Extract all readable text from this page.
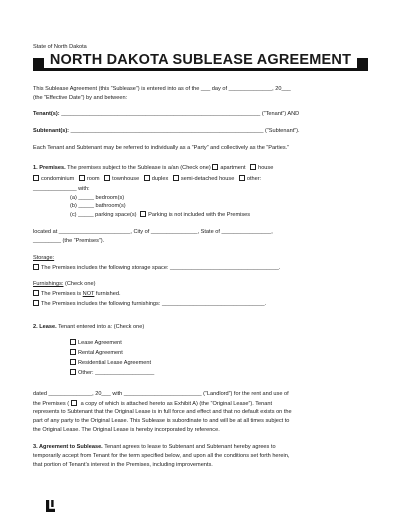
State of North Dakota
NORTH DAKOTA SUBLEASE AGREEMENT
This Sublease Agreement (this “Sublease”) is entered into as of the ___ day of ______________, 20___
(the “Effective Date”) by and between:
Tenant(s): ________________________________________________________________ (“Tenant”) AND
Subtenant(s): ______________________________________________________________ (“Subtenant”).
Each Tenant and Subtenant may be referred to individually as a “Party” and collectively as the “Parties.”
1. Premises. The premises subject to the Sublease is a/an (Check one) apartment house
condominium room townhouse duplex semi-detached house other:
______________ with:
(a) _____ bedroom(s)
(b) _____ bathroom(s)
(c) _____ parking space(s) Parking is not included with the Premises
located at _______________________, City of _______________, State of ________________,
_________ (the “Premises”).
Storage:
The Premises includes the following storage space: ___________________________________.
Furnishings: (Check one)
The Premises is NOT furnished.
The Premises includes the following furnishings: _________________________________.
2. Lease. Tenant entered into a: (Check one)
Lease Agreement
Rental Agreement
Residential Lease Agreement
Other: ___________________
dated ______________, 20___ with _________________________ (“Landlord”) for the rent and use of
the Premises ( a copy of which is attached hereto as Exhibit A) (the “Original Lease”). Tenant
represents to Subtenant that the Original Lease is in full force and effect and that no default exists on the
part of any party to the Original Lease. This Sublease is subordinate to and will be at all times subject to
the Original Lease. The Original Lease is hereby incorporated by reference.
3. Agreement to Sublease. Tenant agrees to lease to Subtenant and Subtenant hereby agrees to
temporarily accept from Tenant for the term specified below, and upon all the conditions set forth herein,
that portion of Tenant’s interest in the Premises, including improvements.
